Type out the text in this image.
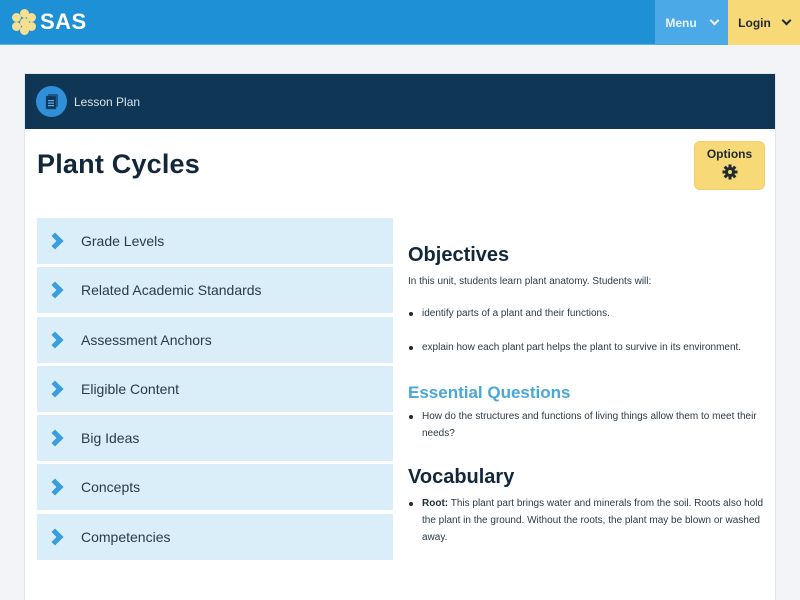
SAS	Menu	Login
Lesson Plan
Plant Cycles	Options
Grade Levels
Related Academic Standards
Assessment Anchors
Eligible Content
Big Ideas
Concepts
Competencies
Objectives

In this unit, students learn plant anatomy. Students will:

identify parts of a plant and their functions.
explain how each plant part helps the plant to survive in its environment.
Essential Questions
How do the structures and functions of living things allow them to meet their needs?
Vocabulary
Root: This plant part brings water and minerals from the soil. Roots also hold the plant in the ground. Without the roots, the plant may be blown or washed away.
